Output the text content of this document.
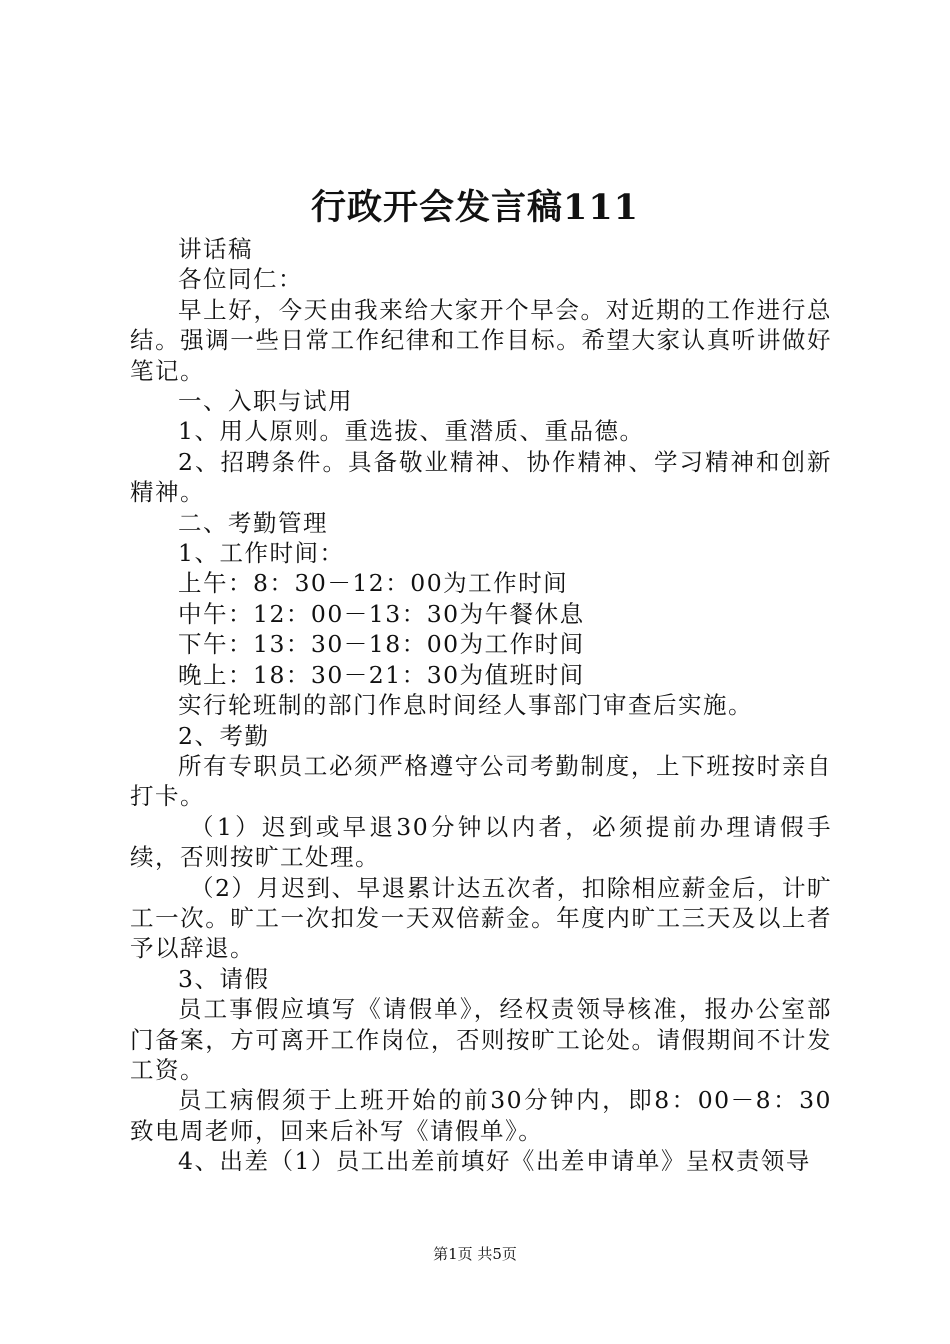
行政开会发言稿111

讲话稿

各位同仁：

早上好，今天由我来给大家开个早会。对近期的工作进行总结。强调一些日常工作纪律和工作目标。希望大家认真听讲做好笔记。

一、入职与试用

1、用人原则。重选拔、重潜质、重品德。

2、招聘条件。具备敬业精神、协作精神、学习精神和创新精神。

二、考勤管理

1、工作时间：

上午：8：30－12：00为工作时间

中午：12：00－13：30为午餐休息

下午：13：30－18：00为工作时间

晚上：18：30－21：30为值班时间

实行轮班制的部门作息时间经人事部门审查后实施。

2、考勤

所有专职员工必须严格遵守公司考勤制度，上下班按时亲自打卡。

（1）迟到或早退30分钟以内者，必须提前办理请假手续，否则按旷工处理。

（2）月迟到、早退累计达五次者，扣除相应薪金后，计旷工一次。旷工一次扣发一天双倍薪金。年度内旷工三天及以上者予以辞退。

3、请假

员工事假应填写《请假单》，经权责领导核准，报办公室部门备案，方可离开工作岗位，否则按旷工论处。请假期间不计发工资。

员工病假须于上班开始的前30分钟内，即8：00－8：30致电周老师，回来后补写《请假单》。

4、出差（1）员工出差前填好《出差申请单》呈权责领导

第1页 共5页
